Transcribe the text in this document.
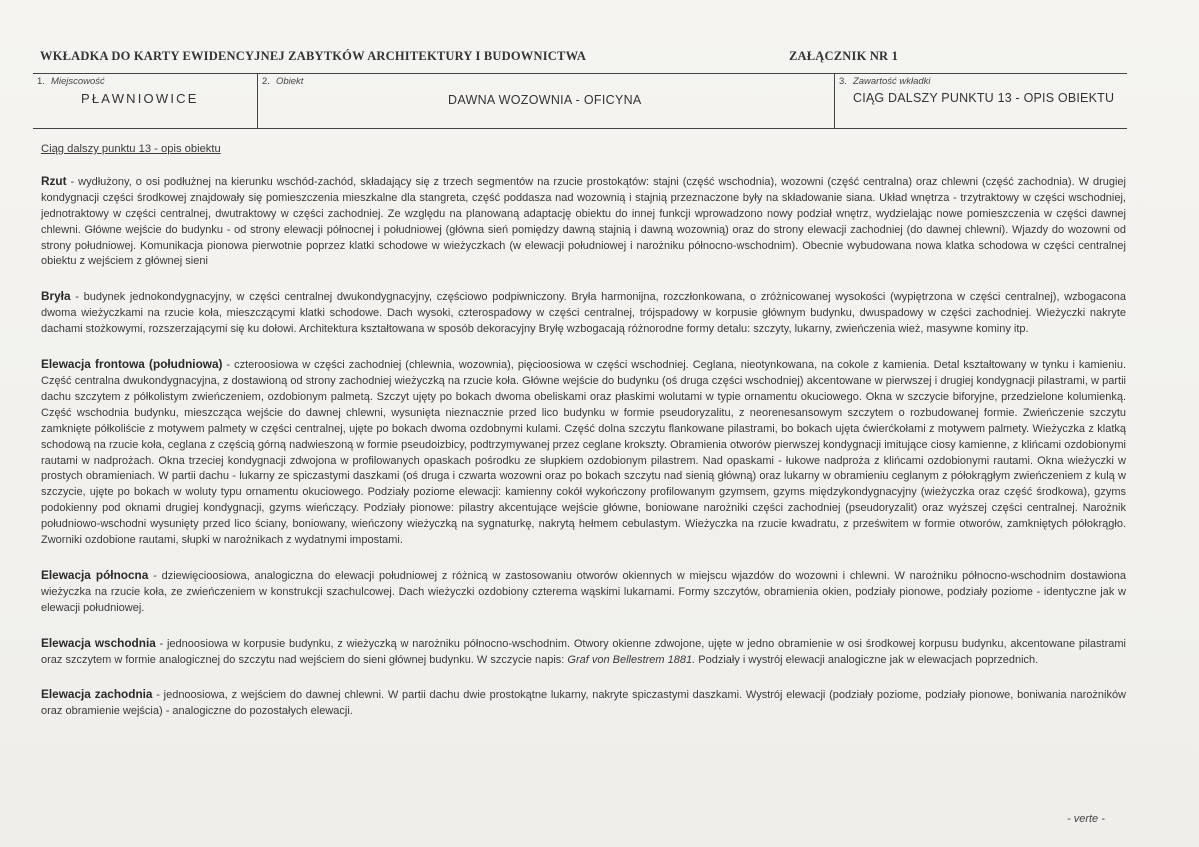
WKŁADKA DO KARTY EWIDENCYJNEJ ZABYTKÓW ARCHITEKTURY I BUDOWNICTWA	ZAŁĄCZNIK NR 1
1. Miejscowość
PŁAWNIOWICE
2. Obiekt
DAWNA WOZOWNIA - OFICYNA
3. Zawartość wkładki
CIĄG DALSZY PUNKTU 13 - OPIS OBIEKTU
Ciąg dalszy punktu 13 - opis obiektu

Rzut - wydłużony, o osi podłużnej na kierunku wschód-zachód, składający się z trzech segmentów na rzucie prostokątów: stajni (część wschodnia), wozowni (część centralna) oraz chlewni (część zachodnia). W drugiej kondygnacji części środkowej znajdowały się pomieszczenia mieszkalne dla stangreta, część poddasza nad wozownią i stajnią przeznaczone były na składowanie siana. Układ wnętrza - trzytraktowy w części wschodniej, jednotraktowy w części centralnej, dwutraktowy w części zachodniej. Ze względu na planowaną adaptację obiektu do innej funkcji wprowadzono nowy podział wnętrz, wydzielając nowe pomieszczenia w części dawnej chlewni. Główne wejście do budynku - od strony elewacji północnej i południowej (główna sień pomiędzy dawną stajnią i dawną wozownią) oraz do strony elewacji zachodniej (do dawnej chlewni). Wjazdy do wozowni od strony południowej. Komunikacja pionowa pierwotnie poprzez klatki schodowe w wieżyczkach (w elewacji południowej i narożniku północno-wschodnim). Obecnie wybudowana nowa klatka schodowa w części centralnej obiektu z wejściem z głównej sieni

Bryła - budynek jednokondygnacyjny, w części centralnej dwukondygnacyjny, częściowo podpiwniczony. Bryła harmonijna, rozczłonkowana, o zróżnicowanej wysokości (wypiętrzona w części centralnej), wzbogacona dwoma wieżyczkami na rzucie koła, mieszczącymi klatki schodowe. Dach wysoki, czterospadowy w części centralnej, trójspadowy w korpusie głównym budynku, dwuspadowy w części zachodniej. Wieżyczki nakryte dachami stożkowymi, rozszerzającymi się ku dołowi. Architektura kształtowana w sposób dekoracyjny Bryłę wzbogacają różnorodne formy detalu: szczyty, lukarny, zwieńczenia wież, masywne kominy itp.

Elewacja frontowa (południowa) - czteroosiowa w części zachodniej (chlewnia, wozownia), pięcioosiowa w części wschodniej. Ceglana, nieotynkowana, na cokole z kamienia. Detal kształtowany w tynku i kamieniu. Część centralna dwukondygnacyjna, z dostawioną od strony zachodniej wieżyczką na rzucie koła. Główne wejście do budynku (oś druga części wschodniej) akcentowane w pierwszej i drugiej kondygnacji pilastrami, w partii dachu szczytem z półkolistym zwieńczeniem, ozdobionym palmetą. Szczyt ujęty po bokach dwoma obeliskami oraz płaskimi wolutami w typie ornamentu okuciowego. Okna w szczycie biforyjne, przedzielone kolumienką. Część wschodnia budynku, mieszcząca wejście do dawnej chlewni, wysunięta nieznacznie przed lico budynku w formie pseudoryzalitu, z neorenesansowym szczytem o rozbudowanej formie. Zwieńczenie szczytu zamknięte półkoliście z motywem palmety w części centralnej, ujęte po bokach dwoma ozdobnymi kulami. Część dolna szczytu flankowane pilastrami, bo bokach ujęta ćwierćkołami z motywem palmety. Wieżyczka z klatką schodową na rzucie koła, ceglana z częścią górną nadwieszoną w formie pseudoizbicy, podtrzymywanej przez ceglane krokszty. Obramienia otworów pierwszej kondygnacji imitujące ciosy kamienne, z klińcami ozdobionymi rautami w nadprożach. Okna trzeciej kondygnacji zdwojona w profilowanych opaskach pośrodku ze słupkiem ozdobionym pilastrem. Nad opaskami - łukowe nadproża z klińcami ozdobionymi rautami. Okna wieżyczki w prostych obramieniach. W partii dachu - lukarny ze spiczastymi daszkami (oś druga i czwarta wozowni oraz po bokach szczytu nad sienią główną) oraz lukarny w obramieniu ceglanym z półokrągłym zwieńczeniem z kulą w szczycie, ujęte po bokach w woluty typu ornamentu okuciowego. Podziały poziome elewacji: kamienny cokół wykończony profilowanym gzymsem, gzyms międzykondygnacyjny (wieżyczka oraz część środkowa), gzyms podokienny pod oknami drugiej kondygnacji, gzyms wieńczący. Podziały pionowe: pilastry akcentujące wejście główne, boniowane narożniki części zachodniej (pseudoryzalit) oraz wyższej części centralnej. Narożnik południowo-wschodni wysunięty przed lico ściany, boniowany, wieńczony wieżyczką na sygnaturkę, nakrytą hełmem cebulastym. Wieżyczka na rzucie kwadratu, z prześwitem w formie otworów, zamkniętych półokrągło. Zworniki ozdobione rautami, słupki w narożnikach z wydatnymi impostami.

Elewacja północna - dziewięcioosiowa, analogiczna do elewacji południowej z różnicą w zastosowaniu otworów okiennych w miejscu wjazdów do wozowni i chlewni. W narożniku północno-wschodnim dostawiona wieżyczka na rzucie koła, ze zwieńczeniem w konstrukcji szachulcowej. Dach wieżyczki ozdobiony czterema wąskimi lukarnami. Formy szczytów, obramienia okien, podziały pionowe, podziały poziome - identyczne jak w elewacji południowej.

Elewacja wschodnia - jednoosiowa w korpusie budynku, z wieżyczką w narożniku północno-wschodnim. Otwory okienne zdwojone, ujęte w jedno obramienie w osi środkowej korpusu budynku, akcentowane pilastrami oraz szczytem w formie analogicznej do szczytu nad wejściem do sieni głównej budynku. W szczycie napis: Graf von Bellestrem 1881. Podziały i wystrój elewacji analogiczne jak w elewacjach poprzednich.

Elewacja zachodnia - jednoosiowa, z wejściem do dawnej chlewni. W partii dachu dwie prostokątne lukarny, nakryte spiczastymi daszkami. Wystrój elewacji (podziały poziome, podziały pionowe, boniwania narożników oraz obramienie wejścia) - analogiczne do pozostałych elewacji.

- verte -
